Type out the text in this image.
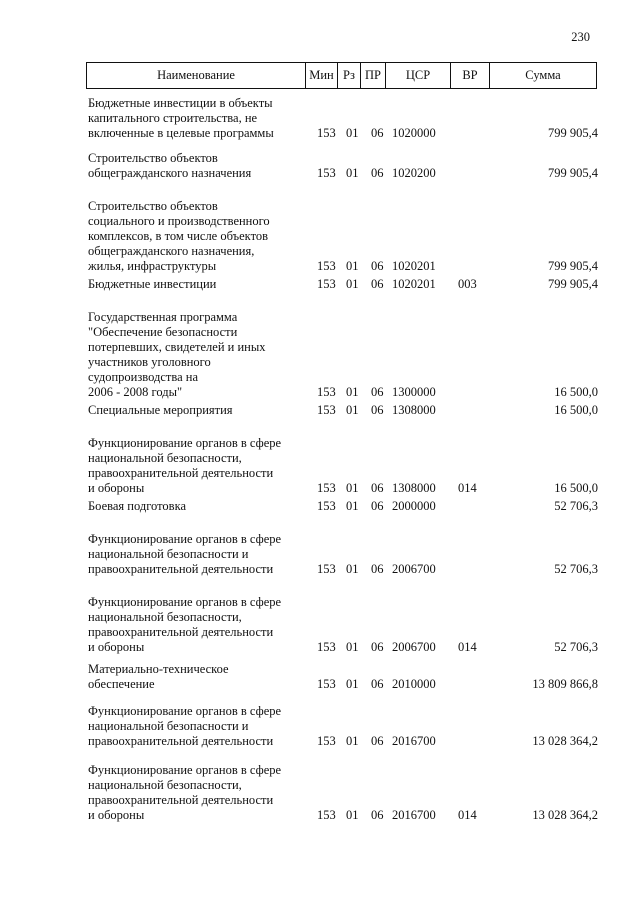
230
Наименование	Мин	Рз	ПР	ЦСР	ВР	Сумма
Бюджетные инвестиции в объекты
капитального строительства, не
включенные в целевые программы	153 01 06 1020000	799 905,4
Строительство объектов
общегражданского назначения	153 01 06 1020200	799 905,4
Строительство объектов
социального и производственного
комплексов, в том числе объектов
общегражданского назначения,
жилья, инфраструктуры	153 01 06 1020201	799 905,4
Бюджетные инвестиции	153 01 06 1020201 003	799 905,4
Государственная программа
"Обеспечение безопасности
потерпевших, свидетелей и иных
участников уголовного
судопроизводства на
2006 - 2008 годы"	153 01 06 1300000	16 500,0
Специальные мероприятия	153 01 06 1308000	16 500,0
Функционирование органов в сфере
национальной безопасности,
правоохранительной деятельности
и обороны	153 01 06 1308000 014	16 500,0
Боевая подготовка	153 01 06 2000000	52 706,3
Функционирование органов в сфере
национальной безопасности и
правоохранительной деятельности	153 01 06 2006700	52 706,3
Функционирование органов в сфере
национальной безопасности,
правоохранительной деятельности
и обороны	153 01 06 2006700 014	52 706,3
Материально-техническое
обеспечение	153 01 06 2010000	13 809 866,8
Функционирование органов в сфере
национальной безопасности и
правоохранительной деятельности	153 01 06 2016700	13 028 364,2
Функционирование органов в сфере
национальной безопасности,
правоохранительной деятельности
и обороны	153 01 06 2016700 014	13 028 364,2
